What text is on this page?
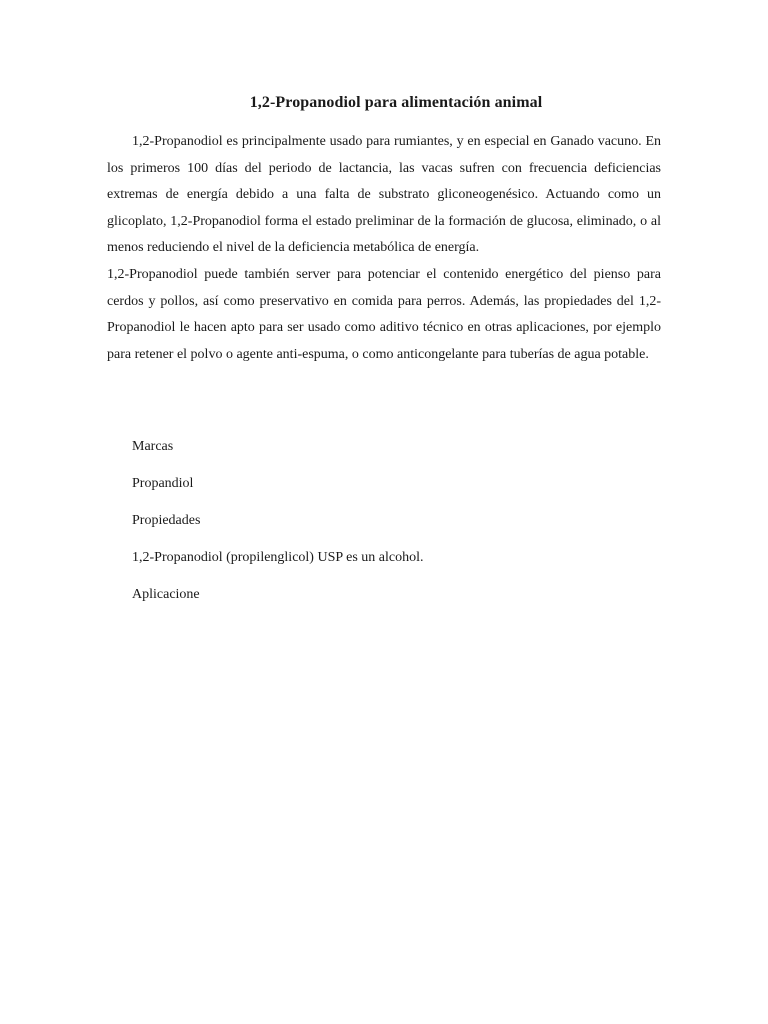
1,2-Propanodiol para alimentación animal

1,2-Propanodiol es principalmente usado para rumiantes, y en especial en Ganado vacuno. En los primeros 100 días del periodo de lactancia, las vacas sufren con frecuencia deficiencias extremas de energía debido a una falta de substrato gliconeogenésico. Actuando como un glicoplato, 1,2-Propanodiol forma el estado preliminar de la formación de glucosa, eliminado, o al menos reduciendo el nivel de la deficiencia metabólica de energía.

1,2-Propanodiol puede también server para potenciar el contenido energético del pienso para cerdos y pollos, así como preservativo en comida para perros. Además, las propiedades del 1,2-Propanodiol le hacen apto para ser usado como aditivo técnico en otras aplicaciones, por ejemplo para retener el polvo o agente anti-espuma, o como anticongelante para tuberías de agua potable.

Marcas
Propandiol
Propiedades
1,2-Propanodiol (propilenglicol) USP es un alcohol.
Aplicacione
